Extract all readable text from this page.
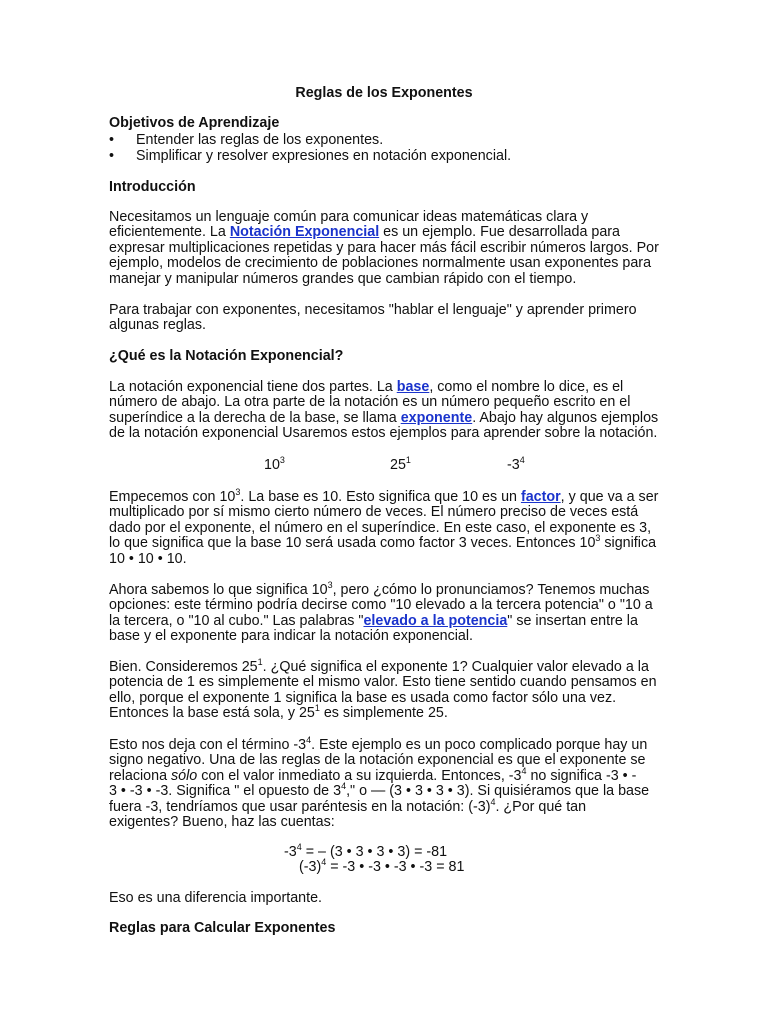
Reglas de los Exponentes
Objetivos de Aprendizaje
• Entender las reglas de los exponentes.
• Simplificar y resolver expresiones en notación exponencial.
Introducción

Necesitamos un lenguaje común para comunicar ideas matemáticas clara y
eficientemente. La Notación Exponencial es un ejemplo. Fue desarrollada para
expresar multiplicaciones repetidas y para hacer más fácil escribir números largos. Por
ejemplo, modelos de crecimiento de poblaciones normalmente usan exponentes para
manejar y manipular números grandes que cambian rápido con el tiempo.

Para trabajar con exponentes, necesitamos "hablar el lenguaje" y aprender primero
algunas reglas.

¿Qué es la Notación Exponencial?

La notación exponencial tiene dos partes. La base, como el nombre lo dice, es el
número de abajo. La otra parte de la notación es un número pequeño escrito en el
superíndice a la derecha de la base, se llama exponente. Abajo hay algunos ejemplos
de la notación exponencial Usaremos estos ejemplos para aprender sobre la notación.

$10^3$	$25^1$	$-3^4$

Empecemos con $10^3$. La base es 10. Esto significa que 10 es un factor, y que va a ser
multiplicado por sí mismo cierto número de veces. El número preciso de veces está
dado por el exponente, el número en el superíndice. En este caso, el exponente es 3,
lo que significa que la base 10 será usada como factor 3 veces. Entonces $10^3$ significa
10 • 10 • 10.

Ahora sabemos lo que significa $10^3$, pero ¿cómo lo pronunciamos? Tenemos muchas
opciones: este término podría decirse como "10 elevado a la tercera potencia" o "10 a
la tercera, o "10 al cubo." Las palabras "elevado a la potencia" se insertan entre la
base y el exponente para indicar la notación exponencial.

Bien. Consideremos $25^1$. ¿Qué significa el exponente 1? Cualquier valor elevado a la
potencia de 1 es simplemente el mismo valor. Esto tiene sentido cuando pensamos en
ello, porque el exponente 1 significa la base es usada como factor sólo una vez.
Entonces la base está sola, y $25^1$ es simplemente 25.

Esto nos deja con el término $-3^4$. Este ejemplo es un poco complicado porque hay un
signo negativo. Una de las reglas de la notación exponencial es que el exponente se
relaciona sólo con el valor inmediato a su izquierda. Entonces, $-3^4$ no significa -3 • -
3 • -3 • -3. Significa " el opuesto de $3^4$," o — (3 • 3 • 3 • 3). Si quisiéramos que la base
fuera -3, tendríamos que usar paréntesis en la notación: $(-3)^4$. ¿Por qué tan
exigentes? Bueno, haz las cuentas:

$-3^4$ = – (3 • 3 • 3 • 3) = -81
$(-3)^4 = -3$ • -3 • -3 • -3 = 81

Eso es una diferencia importante.

Reglas para Calcular Exponentes
